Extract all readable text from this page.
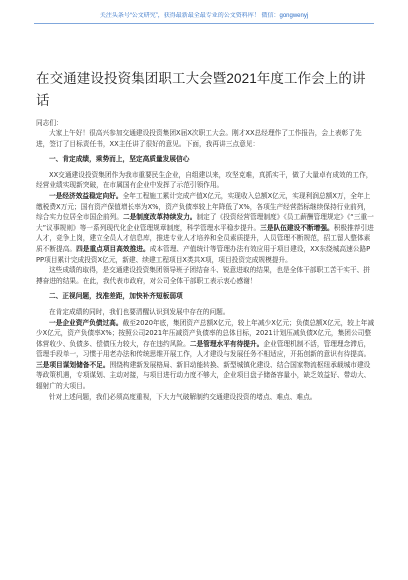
关注头条号“公文研究”，获得最新最全最专业的公文资料库！ 微信：gongwenyj
在交通建设投资集团职工大会暨2021年度工作会上的讲话
同志们：

大家上午好！很高兴参加交通建设投资集团X届X次职工大会。刚才XX总经理作了工作报告，会上表彰了先进，签订了目标责任书，XX主任讲了很好的意见。下面，我再讲三点意见：

一、肯定成绩，乘势而上，坚定高质量发展信心

XX交通建设投资集团作为我市重要民生企业，自组建以来，攻坚克难，真抓实干，做了大量卓有成效的工作，经营业绩实现新突破，在市属国有企业中发挥了示范引领作用。

一是经济效益稳定向好。全年工程施工累计完成产值X亿元，实现收入总额X亿元，实现利润总额X万，全年上缴税费X万元；国有资产保值增长率为X%，资产负债率较上年降低了X%，各项生产经营指标继续保持行业前列，综合实力位居全市国企前列。二是制度改革持续发力。制定了《投资经营管理制度》《员工薪酬管理规定》《“三重一大”议事规则》等一系列现代化企业管理规章制度，科学管理水平稳步提升。三是队伍建设不断增强。积极推荐引进人才，竞争上岗，建立全员人才信息库，推进专业人才培养和全员素质提升，人员管理不断规范，招工留人整体素质不断提高。四是重点项目高效推进。成本管理、产值统计等管理办法有效应用于项目建设，XX东绕城高速公路PPP项目累计完成投资X亿元，新建、续建工程项目X类共X项，项目投资完成规模提升。

这些成绩的取得，是交通建设投资集团领导班子团结奋斗、锐意进取的结果，也是全体干部职工苦干实干、拼搏奋进的结果。在此，我代表市政府，对公司全体干部职工表示衷心感谢！

二、正视问题，找准差距，加快补齐短板弱项

在肯定成绩的同时，我们也要清醒认识到发展中存在的问题。

一是企业资产负债过高。截至2020年底，集团资产总额X亿元，较上年减少X亿元；负债总额X亿元，较上年减少X亿元，资产负债率X%；按照公司2021年压减资产负债率的总体目标，2021计划压减负债X亿元，集团公司整体营收少、负债多、偿债压力较大，存在违约风险。二是管理水平有待提升。企业管理机制不活，管理理念滞后，管理手段单一，习惯于用老办法和传统思维开展工作，人才建设与发展任务不相适应，开拓创新的意识有待提高。三是项目谋划储备不足。围绕构建新发展格局、新旧动能转换、新型城镇化建设、结合国家物流枢纽承载城市建设等政策机遇，专项谋划、主动对接，与项目进行动力度不够大，企业项目盘子储备容量小，缺乏效益好、带动大、辐射广的大项目。

针对上述问题，我们必须高度重视，下大力气破解制约交通建设投资的堵点、难点、难点。
